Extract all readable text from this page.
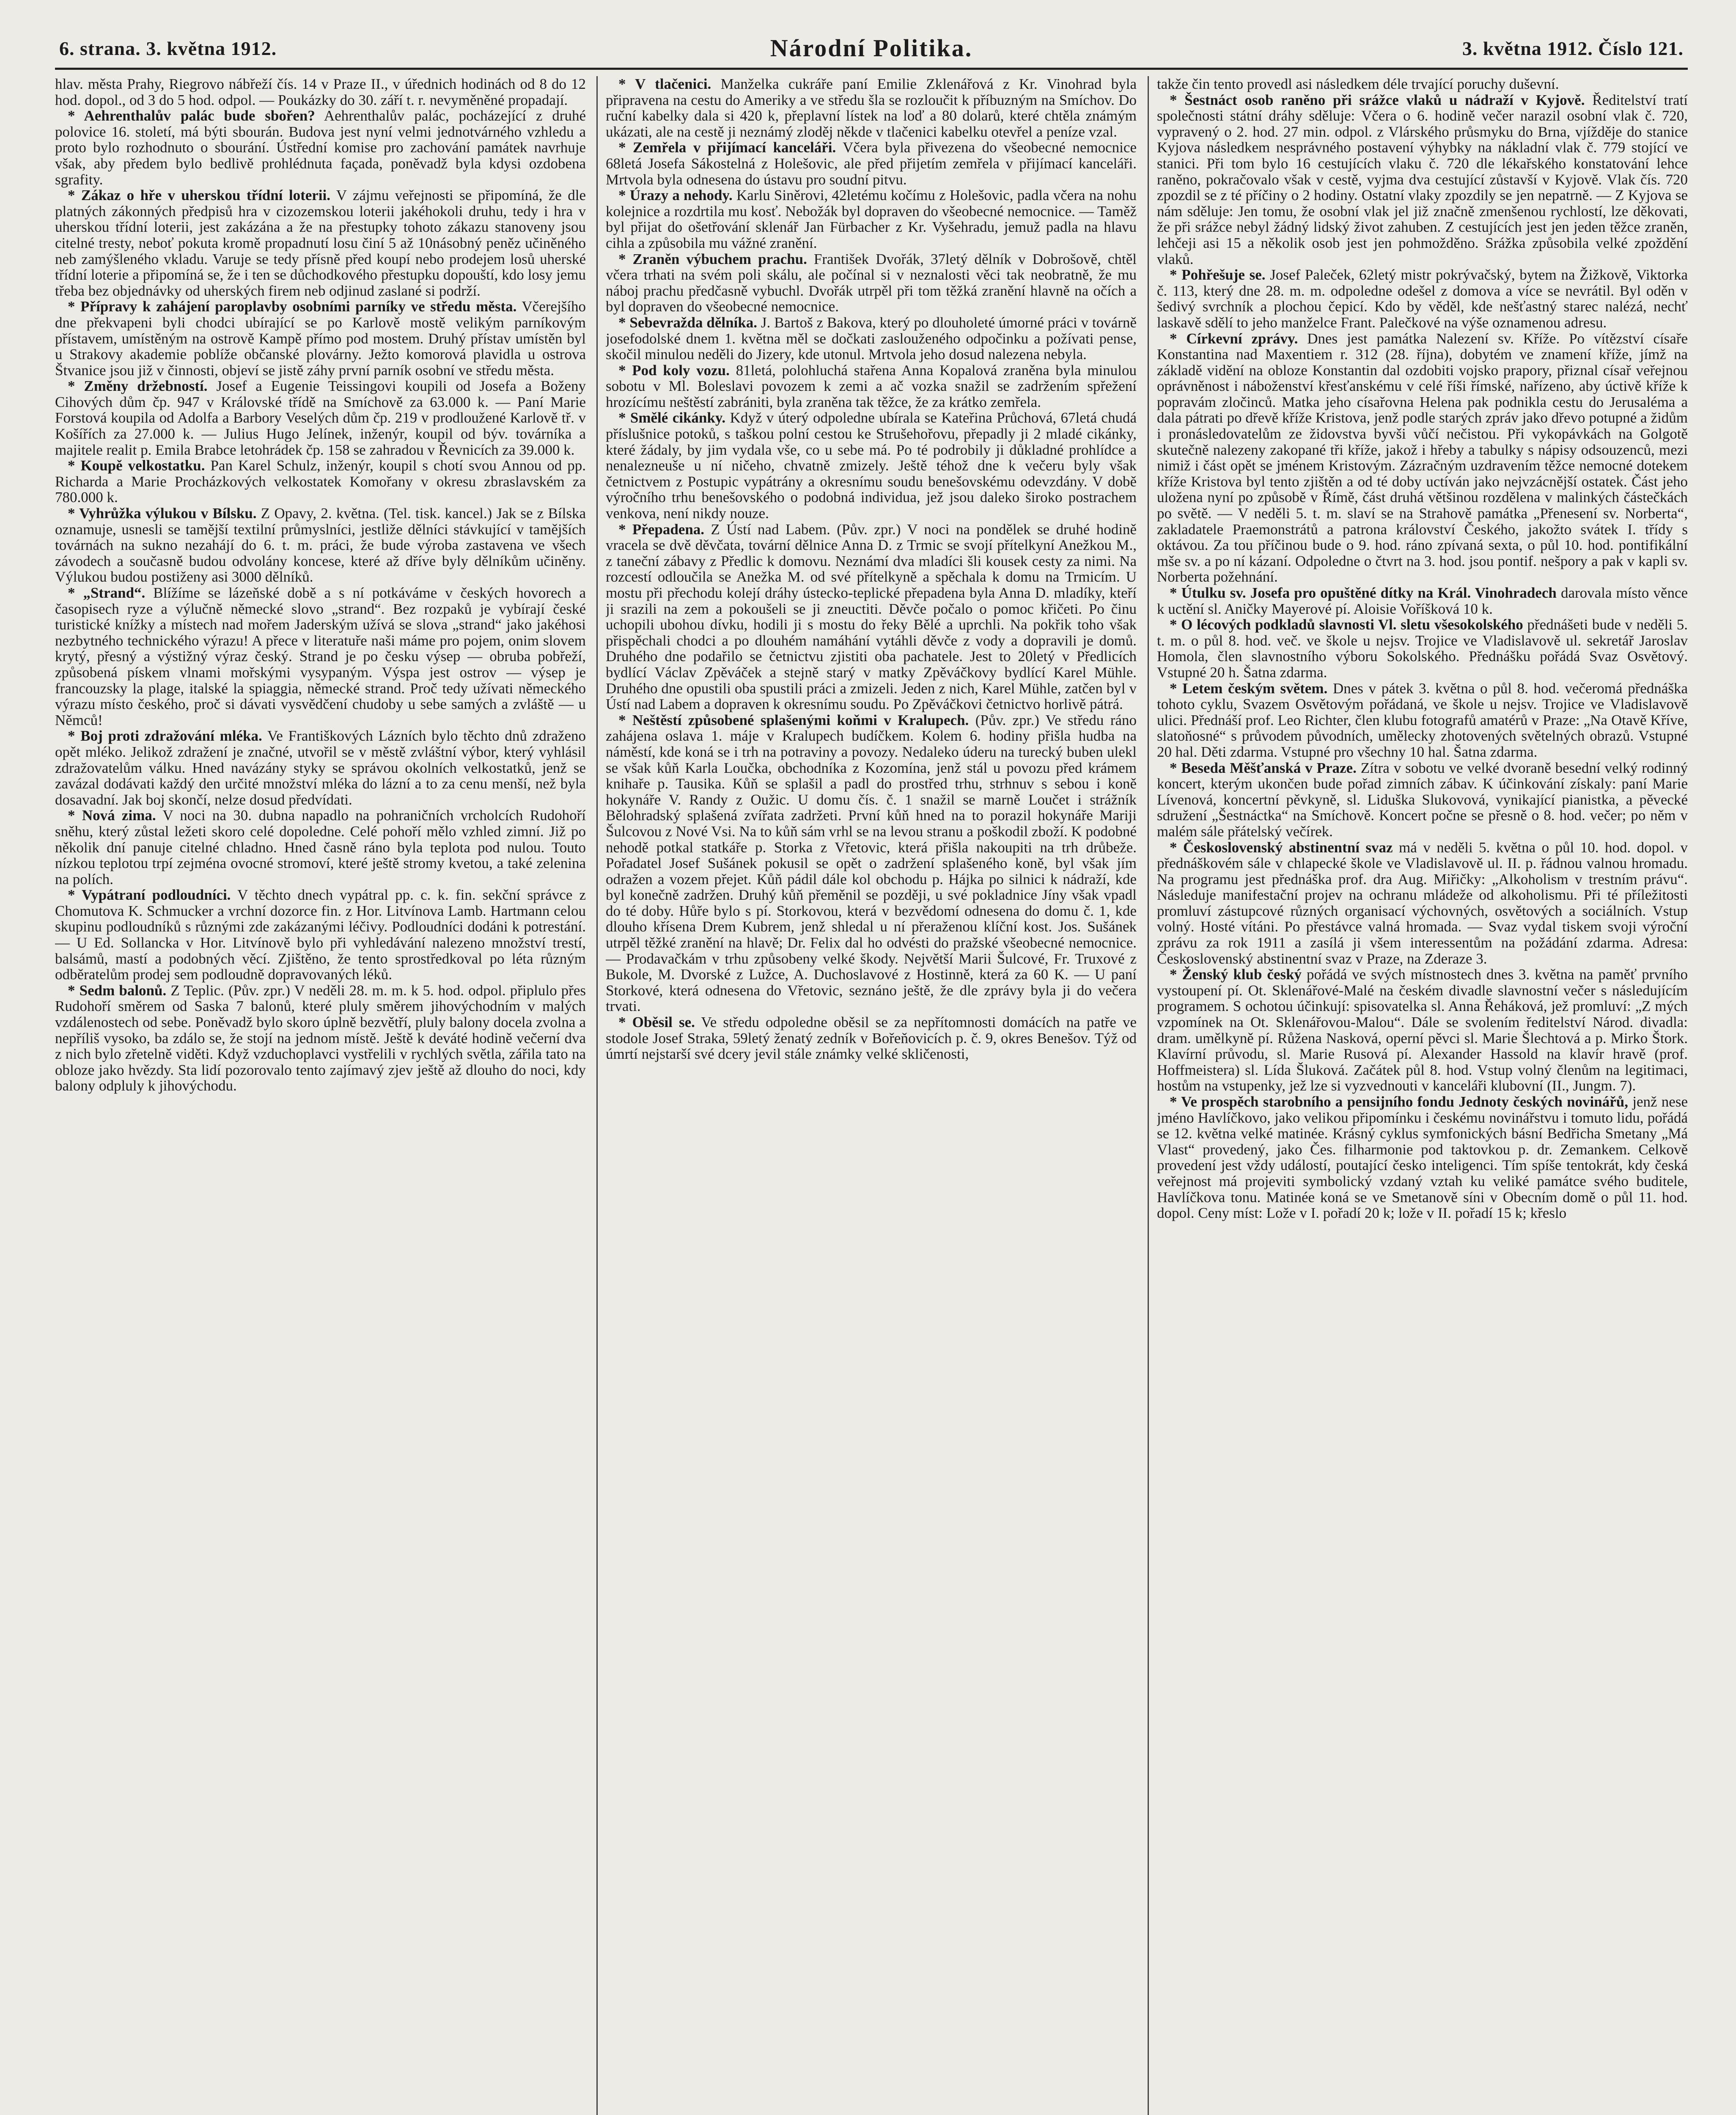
6. strana. 3. května 1912.	Národní Politika.	3. května 1912. Číslo 121.

hlav. města Prahy, Riegrovo nábřeží čís. 14 v Praze II., v úřednich hodinách od 8 do 12 hod. dopol., od 3 do 5 hod. odpol. — Poukázky do 30. září t. r. nevyměněné propadají.

* Aehrenthalův palác bude sbořen? Aehrenthalův palác, pocházející z druhé polovice 16. století, má býti sbourán. Budova jest nyní velmi jednotvárného vzhledu a proto bylo rozhodnuto o sbourání. Ústřední komise pro zachování památek navrhuje však, aby předem bylo bedlivě prohlédnuta façada, poněvadž byla kdysi ozdobena sgrafity.

* Zákaz o hře v uherskou třídní loterii. V zájmu veřejnosti se připomíná, že dle platných zákonných předpisů hra v cizozemskou loterii jakéhokoli druhu, tedy i hra v uherskou třídní loterii, jest zakázána a že na přestupky tohoto zákazu stanoveny jsou citelné tresty, neboť pokuta kromě propadnutí losu činí 5 až 10násobný peněz učiněného neb zamýšleného vkladu. Varuje se tedy přísně před koupí nebo prodejem losů uherské třídní loterie a připomíná se, že i ten se důchodkového přestupku dopouští, kdo losy jemu třeba bez objednávky od uherských firem neb odjinud zaslané si podrží.

* Přípravy k zahájení paroplavby osobními parníky ve středu města. Včerejšího dne překvapeni byli chodci ubírající se po Karlově mostě velikým parníkovým přístavem, umístěným na ostrově Kampě přímo pod mostem. Druhý přístav umístěn byl u Strakovy akademie poblíže občanské plovárny. Ježto komorová plavidla u ostrova Štvanice jsou již v činnosti, objeví se jistě záhy první parník osobní ve středu města.

* Změny držebností. Josef a Eugenie Teissingovi koupili od Josefa a Boženy Cihových dům čp. 947 v Královské třídě na Smíchově za 63.000 k. — Paní Marie Forstová koupila od Adolfa a Barbory Veselých dům čp. 219 v prodloužené Karlově tř. v Košířích za 27.000 k. — Julius Hugo Jelínek, inženýr, koupil od býv. továrníka a majitele realit p. Emila Brabce letohrádek čp. 158 se zahradou v Řevnicích za 39.000 k.

* Koupě velkostatku. Pan Karel Schulz, inženýr, koupil s chotí svou Annou od pp. Richarda a Marie Procházkových velkostatek Komořany v okresu zbraslavském za 780.000 k.

* Vyhrůžka výlukou v Bílsku. Z Opavy, 2. května. (Tel. tisk. kancel.) Jak se z Bílska oznamuje, usnesli se tamější textilní průmyslníci, jestliže dělníci stávkující v tamějších továrnách na sukno nezahájí do 6. t. m. práci, že bude výroba zastavena ve všech závodech a současně budou odvolány koncese, které až dříve byly dělníkům učiněny. Výlukou budou postiženy asi 3000 dělníků.

* „Strand“. Blížíme se lázeňské době a s ní potkáváme v českých hovorech a časopisech ryze a výlučně německé slovo „strand“. Bez rozpaků je vybírají české turistické knížky a místech nad mořem Jaderským užívá se slova „strand“ jako jakéhosi nezbytného technického výrazu! A přece v literatuře naši máme pro pojem, onim slovem krytý, přesný a výstižný výraz český. Strand je po česku výsep — obruba pobřeží, způsobená pískem vlnami mořskými vysypaným. Výspa jest ostrov — výsep je francouzsky la plage, italské la spiaggia, německé strand. Proč tedy užívati německého výrazu místo českého, proč si dávati vysvědčení chudoby u sebe samých a zvláště — u Němců!

* Boj proti zdražování mléka. Ve Františkových Lázních bylo těchto dnů zdraženo opět mléko. Jelikož zdražení je značné, utvořil se v městě zvláštní výbor, který vyhlásil zdražovatelům válku. Hned navázány styky se správou okolních velkostatků, jenž se zavázal dodávati každý den určité množství mléka do lázní a to za cenu menší, než byla dosavadní. Jak boj skončí, nelze dosud předvídati.

* Nová zima. V noci na 30. dubna napadlo na pohraničních vrcholcích Rudohoří sněhu, který zůstal ležeti skoro celé dopoledne. Celé pohoří mělo vzhled zimní. Již po několik dní panuje citelné chladno. Hned časně ráno byla teplota pod nulou. Touto nízkou teplotou trpí zejména ovocné stromoví, které ještě stromy kvetou, a také zelenina na polích.

* Vypátraní podloudníci. V těchto dnech vypátral pp. c. k. fin. sekční správce z Chomutova K. Schmucker a vrchní dozorce fin. z Hor. Litvínova Lamb. Hartmann celou skupinu podloudníků s různými zde zakázanými léčivy. Podloudníci dodáni k potrestání. — U Ed. Sollancka v Hor. Litvínově bylo při vyhledávání nalezeno množství trestí, balsámů, mastí a podobných věcí. Zjištěno, že tento sprostředkoval po léta různým odběratelům prodej sem podloudně dopravovaných léků.

* Sedm balonů. Z Teplic. (Pův. zpr.) V neděli 28. m. m. k 5. hod. odpol. připlulo přes Rudohoří směrem od Saska 7 balonů, které pluly směrem jihovýchodním v malých vzdálenostech od sebe. Poněvadž bylo skoro úplně bezvětří, pluly balony docela zvolna a nepříliš vysoko, ba zdálo se, že stojí na jednom místě. Ještě k deváté hodině večerní dva z nich bylo zřetelně viděti. Když vzduchoplavci vystřelili v rychlých světla, zářila tato na obloze jako hvězdy. Sta lidí pozorovalo tento zajímavý zjev ještě až dlouho do noci, kdy balony odpluly k jihovýchodu.

* V tlačenici. Manželka cukráře paní Emilie Zklenářová z Kr. Vinohrad byla připravena na cestu do Ameriky a ve středu šla se rozloučit k příbuzným na Smíchov. Do ruční kabelky dala si 420 k, přeplavní lístek na loď a 80 dolarů, které chtěla známým ukázati, ale na cestě ji neznámý zloděj někde v tlačenici kabelku otevřel a peníze vzal.

* Zemřela v přijímací kanceláři. Včera byla přivezena do všeobecné nemocnice 68letá Josefa Sákostelná z Holešovic, ale před přijetím zemřela v přijímací kanceláři. Mrtvola byla odnesena do ústavu pro soudní pitvu.

* Úrazy a nehody. Karlu Siněrovi, 42letému kočímu z Holešovic, padla včera na nohu kolejnice a rozdrtila mu kosť. Nebožák byl dopraven do všeobecné nemocnice. — Taměž byl přijat do ošetřování sklenář Jan Fürbacher z Kr. Vyšehradu, jemuž padla na hlavu cihla a způsobila mu vážné zranění.

* Zraněn výbuchem prachu. František Dvořák, 37letý dělník v Dobrošově, chtěl včera trhati na svém poli skálu, ale počínal si v neznalosti věci tak neobratně, že mu náboj prachu předčasně vybuchl. Dvořák utrpěl při tom těžká zranění hlavně na očích a byl dopraven do všeobecné nemocnice.

* Sebevražda dělníka. J. Bartoš z Bakova, který po dlouholeté úmorné práci v továrně josefodolské dnem 1. května měl se dočkati zaslouženého odpočinku a požívati pense, skočil minulou neděli do Jizery, kde utonul. Mrtvola jeho dosud nalezena nebyla.

* Pod koly vozu. 81letá, polohluchá stařena Anna Kopalová zraněna byla minulou sobotu v Ml. Boleslavi povozem k zemi a ač vozka snažil se zadržením spřežení hrozícímu neštěstí zabrániti, byla zraněna tak těžce, že za krátko zemřela.

* Smělé cikánky. Když v úterý odpoledne ubírala se Kateřina Průchová, 67letá chudá příslušnice potoků, s taškou polní cestou ke Strušehořovu, přepadly ji 2 mladé cikánky, které žádaly, by jim vydala vše, co u sebe má. Po té podrobily ji důkladné prohlídce a nenalezneuše u ní ničeho, chvatně zmizely. Ještě téhož dne k večeru byly však četnictvem z Postupic vypátrány a okresnímu soudu benešovskému odevzdány. V době výročního trhu benešovského o podobná individua, jež jsou daleko široko postrachem venkova, není nikdy nouze.

* Přepadena. Z Ústí nad Labem. (Pův. zpr.) V noci na pondělek se druhé hodině vracela se dvě děvčata, tovární dělnice Anna D. z Trmic se svojí přítelkyní Anežkou M., z taneční zábavy z Předlic k domovu. Neznámí dva mladíci šli kousek cesty za nimi. Na rozcestí odloučila se Anežka M. od své přítelkyně a spěchala k domu na Trmicím. U mostu při přechodu kolejí dráhy ústecko-teplické přepadena byla Anna D. mladíky, kteří ji srazili na zem a pokoušeli se ji zneuctiti. Děvče počalo o pomoc křičeti. Po činu uchopili ubohou dívku, hodili ji s mostu do řeky Bělé a uprchli. Na pokřik toho však přispěchali chodci a po dlouhém namáhání vytáhli děvče z vody a dopravili je domů. Druhého dne podařilo se četnictvu zjistiti oba pachatele. Jest to 20letý v Předlicích bydlící Václav Zpěváček a stejně starý v matky Zpěváčkovy bydlící Karel Mühle. Druhého dne opustili oba spustili práci a zmizeli. Jeden z nich, Karel Mühle, zatčen byl v Ústí nad Labem a dopraven k okresnímu soudu. Po Zpěváčkovi četnictvo horlivě pátrá.

* Neštěstí způsobené splašenými koňmi v Kralupech. (Pův. zpr.) Ve středu ráno zahájena oslava 1. máje v Kralupech budíčkem. Kolem 6. hodiny přišla hudba na náměstí, kde koná se i trh na potraviny a povozy. Nedaleko úderu na turecký buben ulekl se však kůň Karla Loučka, obchodníka z Kozomína, jenž stál u povozu před krámem knihaře p. Tausika. Kůň se splašil a padl do prostřed trhu, strhnuv s sebou i koně hokynáře V. Randy z Oužic. U domu čís. č. 1 snažil se marně Loučet i strážník Bělohradský splašená zvířata zadržeti. První kůň hned na to porazil hokynáře Mariji Šulcovou z Nové Vsi. Na to kůň sám vrhl se na levou stranu a poškodil zboží. K podobné nehodě potkal statkáře p. Storka z Vřetovic, která přišla nakoupiti na trh drůbeže. Pořadatel Josef Sušánek pokusil se opět o zadržení splašeného koně, byl však jím odražen a vozem přejet. Kůň pádil dále kol obchodu p. Hájka po silnici k nádraží, kde byl konečně zadržen. Druhý kůň přeměnil se později, u své pokladnice Jíny však vpadl do té doby. Hůře bylo s pí. Storkovou, která v bezvědomí odnesena do domu č. 1, kde dlouho křísena Drem Kubrem, jenž shledal u ní přeraženou klíční kost. Jos. Sušánek utrpěl těžké zranění na hlavě; Dr. Felix dal ho odvésti do pražské všeobecné nemocnice. — Prodavačkám v trhu způsobeny velké škody. Největší Marii Šulcové, Fr. Truxové z Bukole, M. Dvorské z Lužce, A. Duchoslavové z Hostinně, která za 60 K. — U paní Storkové, která odnesena do Vřetovic, seznáno ještě, že dle zprávy byla ji do večera trvati.

* Oběsil se. Ve středu odpoledne oběsil se za nepřítomnosti domácích na patře ve stodole Josef Straka, 59letý ženatý zedník v Bořeňovicích p. č. 9, okres Benešov. Týž od úmrtí nejstarší své dcery jevil stále známky velké skličenosti,

takže čin tento provedl asi následkem déle trvající poruchy duševní.

* Šestnáct osob raněno při srážce vlaků u nádraží v Kyjově. Ředitelství tratí společnosti státní dráhy sděluje: Včera o 6. hodině večer narazil osobní vlak č. 720, vypravený o 2. hod. 27 min. odpol. z Vlárského průsmyku do Brna, vjížděje do stanice Kyjova následkem nesprávného postavení výhybky na nákladní vlak č. 779 stojící ve stanici. Při tom bylo 16 cestujících vlaku č. 720 dle lékařského konstatování lehce raněno, pokračovalo však v cestě, vyjma dva cestující zůstavší v Kyjově. Vlak čís. 720 zpozdil se z té příčiny o 2 hodiny. Ostatní vlaky zpozdily se jen nepatrně. — Z Kyjova se nám sděluje: Jen tomu, že osobní vlak jel již značně zmenšenou rychlostí, lze děkovati, že při srážce nebyl žádný lidský život zahuben. Z cestujících jest jen jeden těžce zraněn, lehčeji asi 15 a několik osob jest jen pohmožděno. Srážka způsobila velké zpoždění vlaků.

* Pohřešuje se. Josef Paleček, 62letý mistr pokrývačský, bytem na Žižkově, Viktorka č. 113, který dne 28. m. m. odpoledne odešel z domova a více se nevrátil. Byl oděn v šedivý svrchník a plochou čepicí. Kdo by věděl, kde nešťastný starec nalézá, nechť laskavě sdělí to jeho manželce Frant. Palečkové na výše oznamenou adresu.

* Církevní zprávy. Dnes jest památka Nalezení sv. Kříže. Po vítězství císaře Konstantina nad Maxentiem r. 312 (28. října), dobytém ve znamení kříže, jímž na základě vidění na obloze Konstantin dal ozdobiti vojsko prapory, přiznal císař veřejnou oprávněnost i náboženství křesťanskému v celé říši římské, nařízeno, aby úctivě kříže k popravám zločinců. Matka jeho císařovna Helena pak podnikla cestu do Jerusaléma a dala pátrati po dřevě kříže Kristova, jenž podle starých zpráv jako dřevo potupné a židům i pronásledovatelům ze židovstva byvši vůčí nečistou. Při vykopávkách na Golgotě skutečně nalezeny zakopané tři kříže, jakož i hřeby a tabulky s nápisy odsouzenců, mezi nimiž i část opět se jménem Kristovým. Zázračným uzdravením těžce nemocné dotekem kříže Kristova byl tento zjištěn a od té doby uctíván jako nejvzácnější ostatek. Část jeho uložena nyní po způsobě v Římě, část druhá většinou rozdělena v malinkých částečkách po světě. — V neděli 5. t. m. slaví se na Strahově památka „Přenesení sv. Norberta“, zakladatele Praemonstrátů a patrona království Českého, jakožto svátek I. třídy s oktávou. Za tou příčinou bude o 9. hod. ráno zpívaná sexta, o půl 10. hod. pontifikální mše sv. a po ní kázaní. Odpoledne o čtvrt na 3. hod. jsou pontif. nešpory a pak v kapli sv. Norberta požehnání.

* Útulku sv. Josefa pro opuštěné dítky na Král. Vinohradech darovala místo věnce k uctění sl. Aničky Mayerové pí. Aloisie Voříšková 10 k.

* O lécových podkladů slavnosti Vl. sletu všesokolského přednášeti bude v neděli 5. t. m. o půl 8. hod. več. ve škole u nejsv. Trojice ve Vladislavově ul. sekretář Jaroslav Homola, člen slavnostního výboru Sokolského. Přednášku pořádá Svaz Osvětový. Vstupné 20 h. Šatna zdarma.

* Letem českým světem. Dnes v pátek 3. května o půl 8. hod. večeromá přednáška tohoto cyklu, Svazem Osvětovým pořádaná, ve škole u nejsv. Trojice ve Vladislavově ulici. Přednáší prof. Leo Richter, člen klubu fotografů amatérů v Praze: „Na Otavě Kříve, slatoňosné“ s průvodem původních, umělecky zhotovených světelných obrazů. Vstupné 20 hal. Děti zdarma. Vstupné pro všechny 10 hal. Šatna zdarma.

* Beseda Měšťanská v Praze. Zítra v sobotu ve velké dvoraně besední velký rodinný koncert, kterým ukončen bude pořad zimních zábav. K účinkování získaly: paní Marie Lívenová, koncertní pěvkyně, sl. Liduška Slukovová, vynikající pianistka, a pěvecké sdružení „Šestnáctka“ na Smíchově. Koncert počne se přesně o 8. hod. večer; po něm v malém sále přátelský večírek.

* Československý abstinentní svaz má v neděli 5. května o půl 10. hod. dopol. v přednáškovém sále v chlapecké škole ve Vladislavově ul. II. p. řádnou valnou hromadu. Na programu jest přednáška prof. dra Aug. Miřičky: „Alkoholism v trestním právu“. Následuje manifestační projev na ochranu mládeže od alkoholismu. Při té příležitosti promluví zástupcové různých organisací výchovných, osvětových a sociálních. Vstup volný. Hosté vítáni. Po přestávce valná hromada. — Svaz vydal tiskem svoji výroční zprávu za rok 1911 a zasílá ji všem interessentům na požádání zdarma. Adresa: Československý abstinentní svaz v Praze, na Zderaze 3.

* Ženský klub český pořádá ve svých místnostech dnes 3. května na paměť prvního vystoupení pí. Ot. Sklenářové-Malé na českém divadle slavnostní večer s následujícím programem. S ochotou účinkují: spisovatelka sl. Anna Řeháková, jež promluví: „Z mých vzpomínek na Ot. Sklenářovou-Malou“. Dále se svolením ředitelství Národ. divadla: dram. umělkyně pí. Růžena Nasková, operní pěvci sl. Marie Šlechtová a p. Mirko Štork. Klavírní průvodu, sl. Marie Rusová pí. Alexander Hassold na klavír hravě (prof. Hoffmeistera) sl. Lída Šluková. Začátek půl 8. hod. Vstup volný členům na legitimaci, hostům na vstupenky, jež lze si vyzvednouti v kanceláři klubovní (II., Jungm. 7).

* Ve prospěch starobního a pensijního fondu Jednoty českých novinářů, jenž nese jméno Havlíčkovo, jako velikou připomínku i českému novinářstvu i tomuto lidu, pořádá se 12. května velké matinée. Krásný cyklus symfonických básní Bedřicha Smetany „Má Vlast“ provedený, jako Čes. filharmonie pod taktovkou p. dr. Zemankem. Celkově provedení jest vždy událostí, poutající česko inteligenci. Tím spíše tentokrát, kdy česká veřejnost má projeviti symbolický vzdaný vztah ku veliké památce svého buditele, Havlíčkova tonu. Matinée koná se ve Smetanově síni v Obecním domě o půl 11. hod. dopol. Ceny míst: Lože v I. pořadí 20 k; lože v II. pořadí 15 k; křeslo
